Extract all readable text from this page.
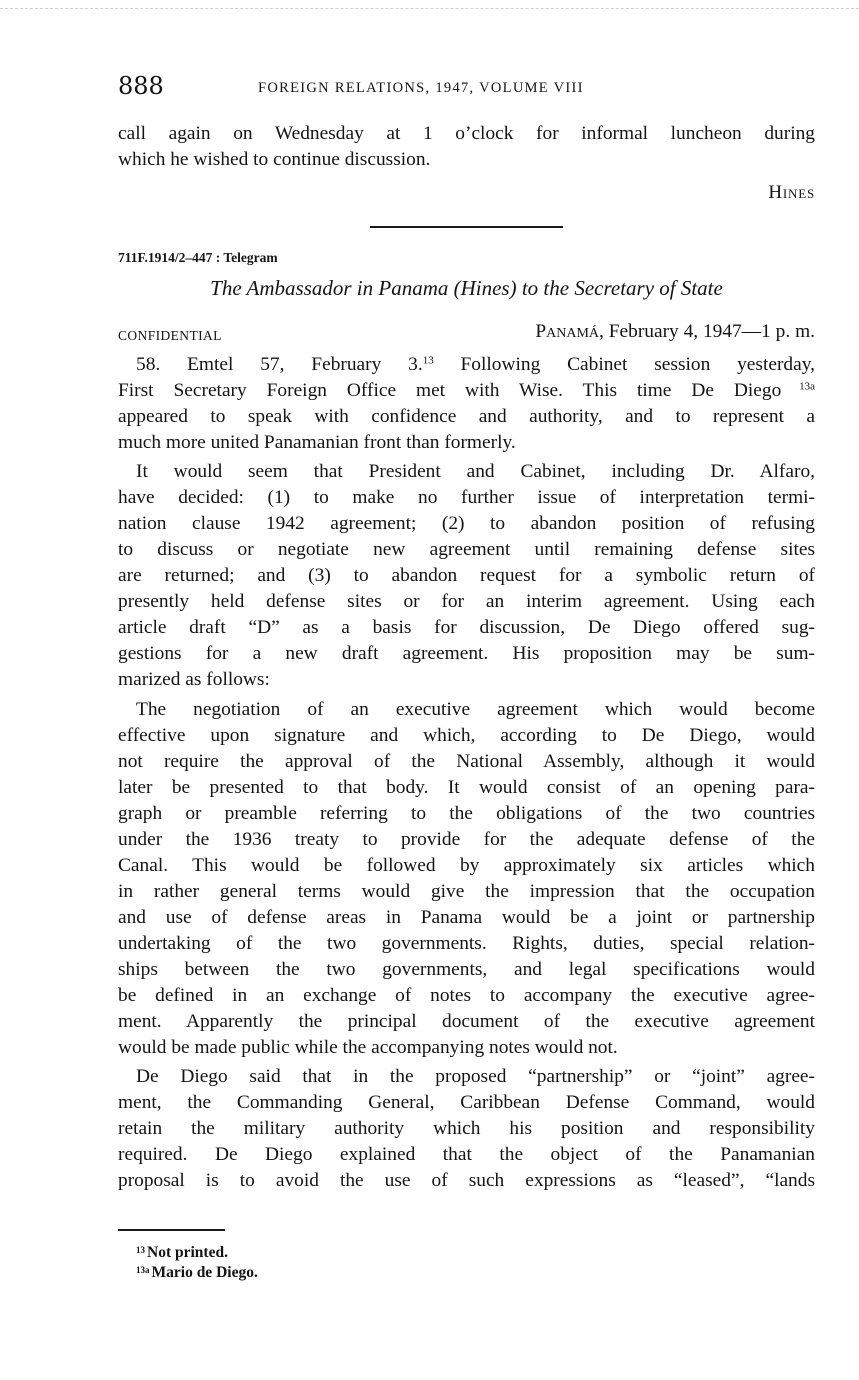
888	FOREIGN RELATIONS, 1947, VOLUME VIII
call again on Wednesday at 1 o’clock for informal luncheon during
which he wished to continue discussion.
Hines
711F.1914/2–447 : Telegram
The Ambassador in Panama (Hines) to the Secretary of State
CONFIDENTIAL	Panamá, February 4, 1947—1 p. m.
58. Emtel 57, February 3.13 Following Cabinet session yesterday,
First Secretary Foreign Office met with Wise. This time De Diego $^{13a}$
appeared to speak with confidence and authority, and to represent a
much more united Panamanian front than formerly.
It would seem that President and Cabinet, including Dr. Alfaro,
have decided: (1) to make no further issue of interpretation termi-
nation clause 1942 agreement; (2) to abandon position of refusing
to discuss or negotiate new agreement until remaining defense sites
are returned; and (3) to abandon request for a symbolic return of
presently held defense sites or for an interim agreement. Using each
article draft “D” as a basis for discussion, De Diego offered sug-
gestions for a new draft agreement. His proposition may be sum-
marized as follows:
The negotiation of an executive agreement which would become
effective upon signature and which, according to De Diego, would
not require the approval of the National Assembly, although it would
later be presented to that body. It would consist of an opening para-
graph or preamble referring to the obligations of the two countries
under the 1936 treaty to provide for the adequate defense of the
Canal. This would be followed by approximately six articles which
in rather general terms would give the impression that the occupation
and use of defense areas in Panama would be a joint or partnership
undertaking of the two governments. Rights, duties, special relation-
ships between the two governments, and legal specifications would
be defined in an exchange of notes to accompany the executive agree-
ment. Apparently the principal document of the executive agreement
would be made public while the accompanying notes would not.
De Diego said that in the proposed “partnership” or “joint” agree-
ment, the Commanding General, Caribbean Defense Command, would
retain the military authority which his position and responsibility
required. De Diego explained that the object of the Panamanian
proposal is to avoid the use of such expressions as “leased”, “lands
$^{13}$ Not printed.
$^{13a}$ Mario de Diego.
